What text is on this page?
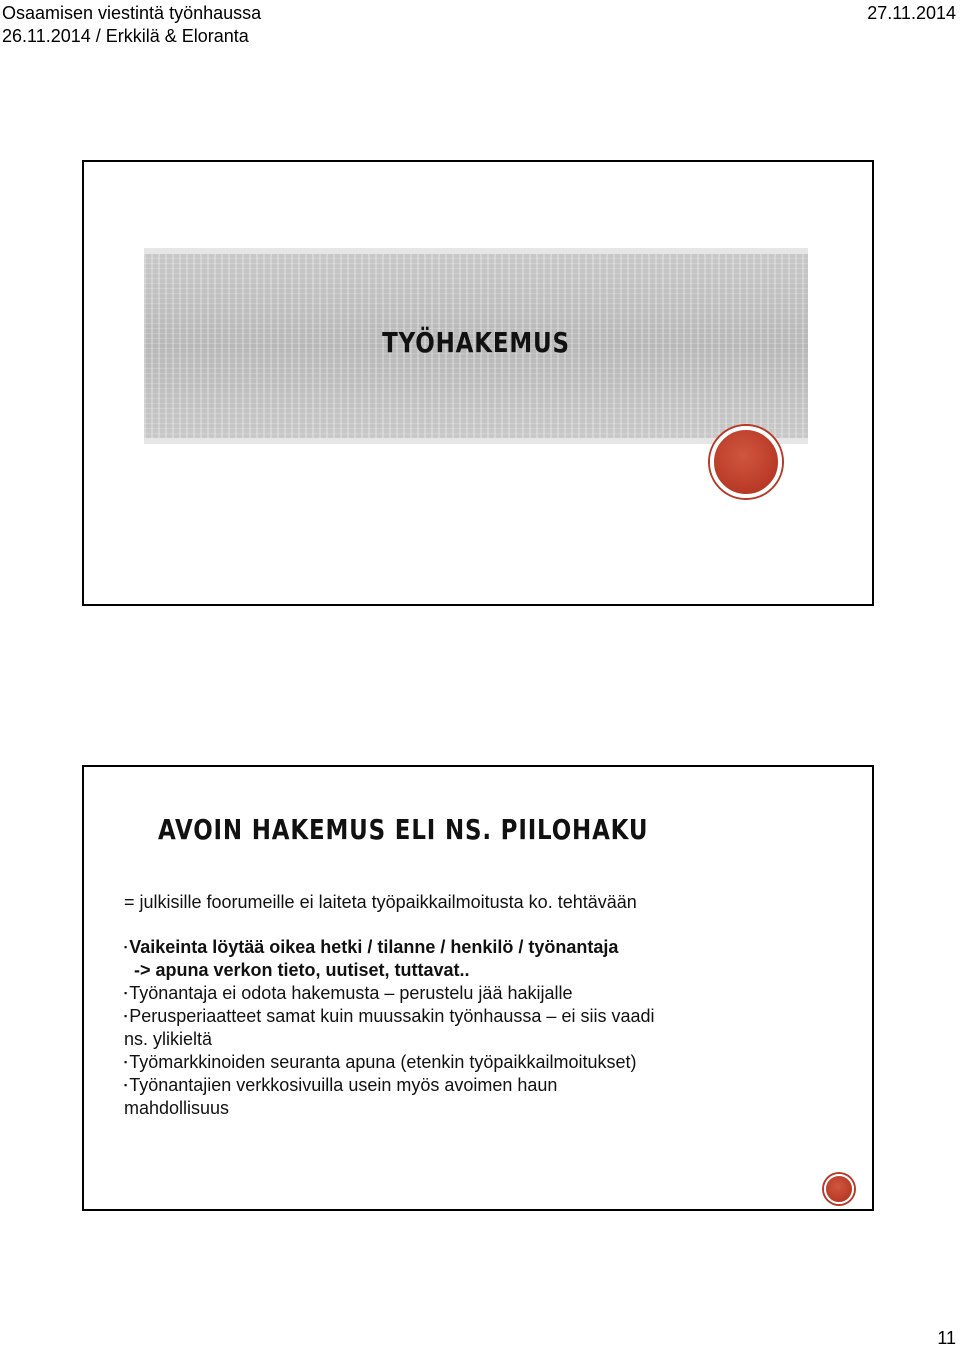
Osaamisen viestintä työnhaussa	27.11.2014
26.11.2014 / Erkkilä & Eloranta
TYÖHAKEMUS
AVOIN HAKEMUS ELI NS. PIILOHAKU
= julkisille foorumeille ei laiteta työpaikkailmoitusta ko. tehtävään
▪ Vaikeinta löytää oikea hetki / tilanne / henkilö / työnantaja
-> apuna verkon tieto, uutiset, tuttavat..
▪ Työnantaja ei odota hakemusta – perustelu jää hakijalle
▪ Perusperiaatteet samat kuin muussakin työnhaussa – ei siis vaadi
ns. ylikieltä
▪ Työmarkkinoiden seuranta apuna (etenkin työpaikkailmoitukset)
▪ Työnantajien verkkosivuilla usein myös avoimen haun
mahdollisuus
11
